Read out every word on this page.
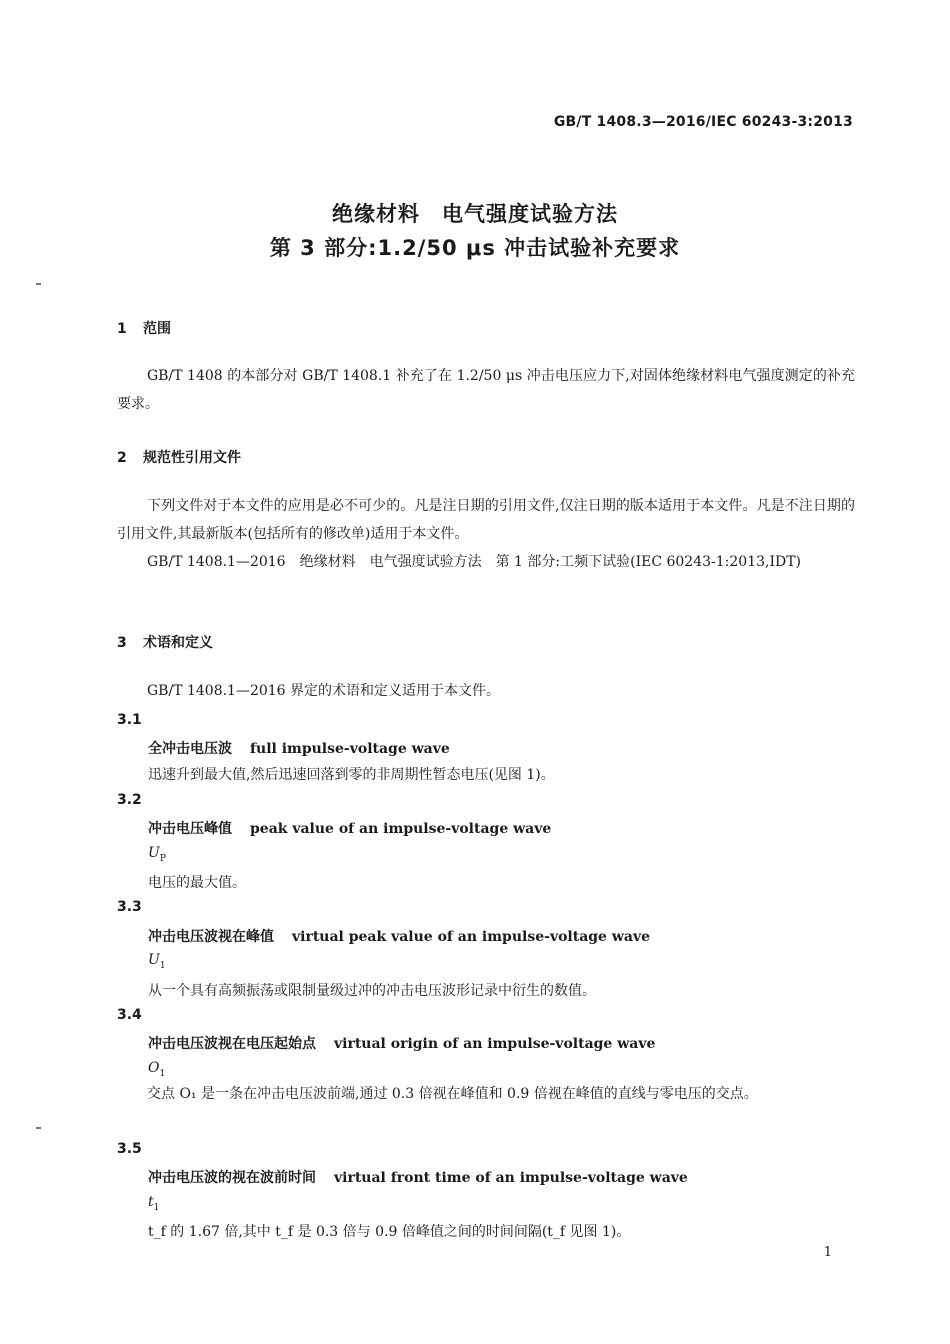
GB/T 1408.3—2016/IEC 60243-3:2013
绝缘材料　电气强度试验方法
第 3 部分:1.2/50 μs 冲击试验补充要求
1 范围
GB/T 1408 的本部分对 GB/T 1408.1 补充了在 1.2/50 μs 冲击电压应力下,对固体绝缘材料电气强度测定的补充要求。
2 规范性引用文件
下列文件对于本文件的应用是必不可少的。凡是注日期的引用文件,仅注日期的版本适用于本文件。凡是不注日期的引用文件,其最新版本(包括所有的修改单)适用于本文件。
GB/T 1408.1—2016　绝缘材料　电气强度试验方法　第 1 部分:工频下试验(IEC 60243-1:2013,IDT)
3 术语和定义
GB/T 1408.1—2016 界定的术语和定义适用于本文件。
3.1
全冲击电压波 full impulse-voltage wave
迅速升到最大值,然后迅速回落到零的非周期性暂态电压(见图 1)。
3.2
冲击电压峰值 peak value of an impulse-voltage wave
$U_P$
电压的最大值。
3.3
冲击电压波视在峰值 virtual peak value of an impulse-voltage wave
$U_1$
从一个具有高频振荡或限制量级过冲的冲击电压波形记录中衍生的数值。
3.4
冲击电压波视在电压起始点 virtual origin of an impulse-voltage wave
$O_1$
交点 O₁ 是一条在冲击电压波前端,通过 0.3 倍视在峰值和 0.9 倍视在峰值的直线与零电压的交点。
3.5
冲击电压波的视在波前时间 virtual front time of an impulse-voltage wave
$t_1$
t_f 的 1.67 倍,其中 t_f 是 0.3 倍与 0.9 倍峰值之间的时间间隔(t_f 见图 1)。
1
